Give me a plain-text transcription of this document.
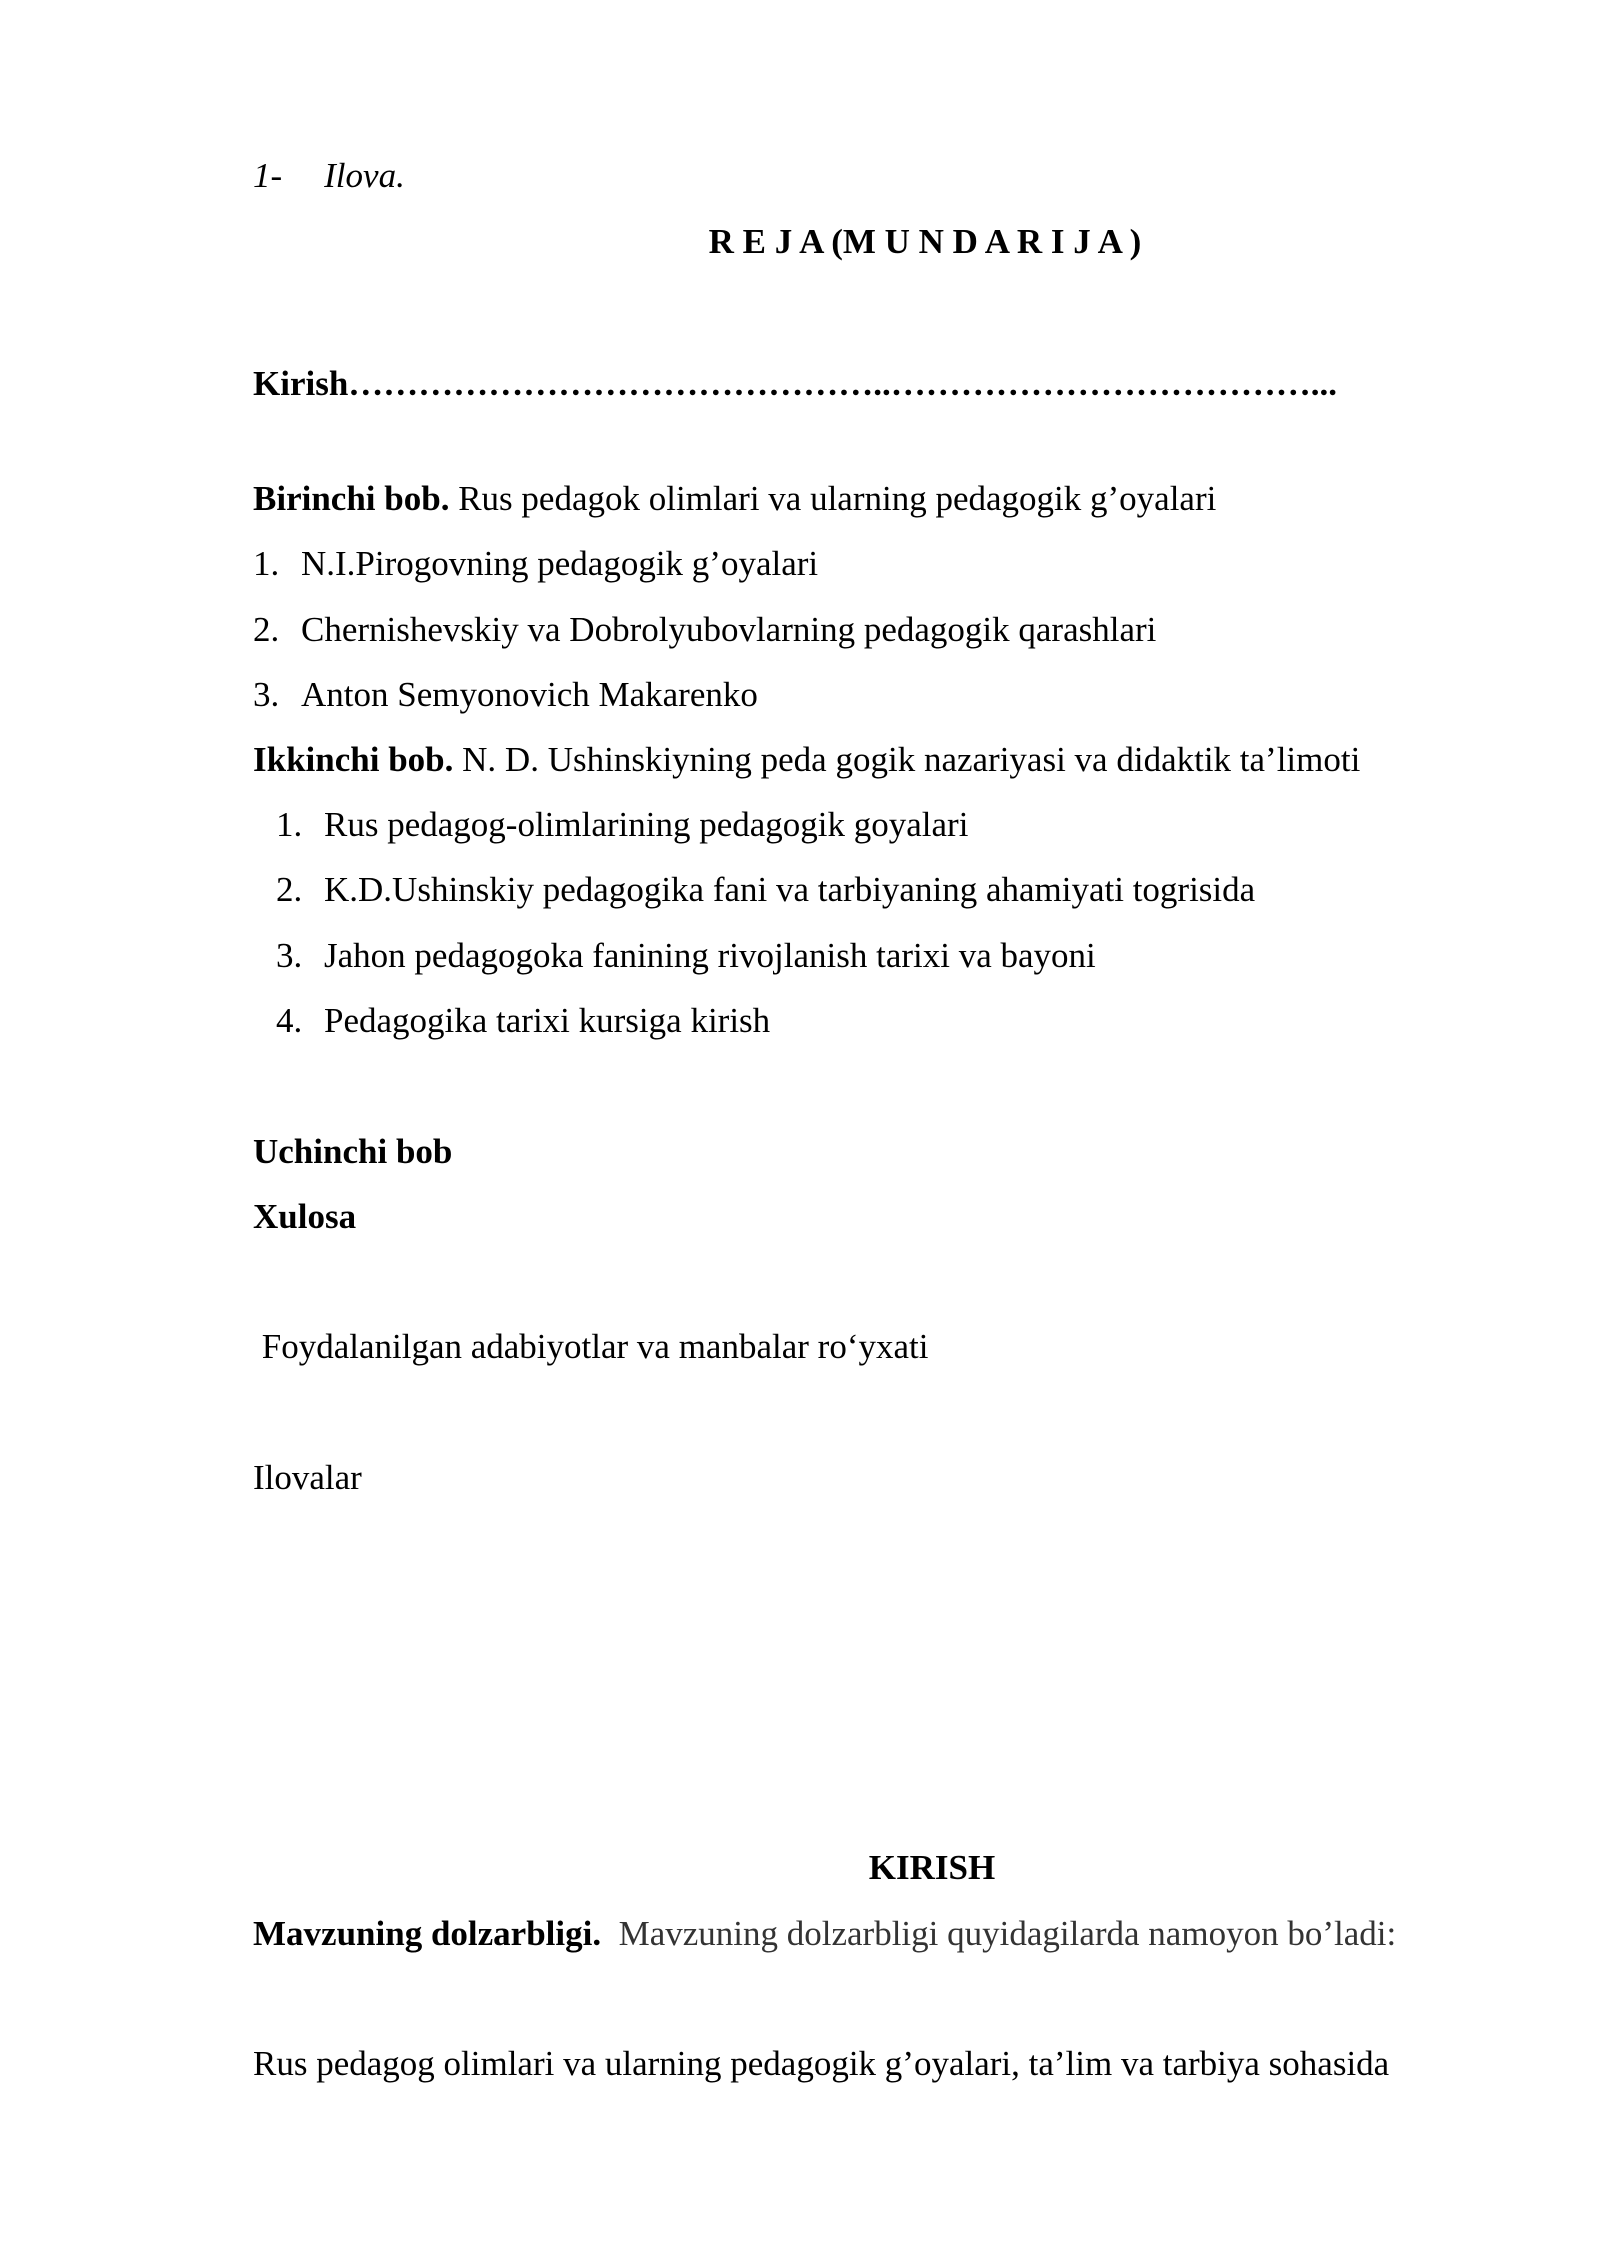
1- Ilova.
R E J A (M U N D A R I J A )
Kirish………………………………………..………………………………...
Birinchi bob. Rus pedagok olimlari va ularning pedagogik g’oyalari
1. N.I.Pirogovning pedagogik g’oyalari
2. Chernishevskiy va Dobrolyubovlarning pedagogik qarashlari
3. Anton Semyonovich Makarenko
Ikkinchi bob. N. D. Ushinskiyning peda gogik nazariyasi va didaktik ta’limoti
1. Rus pedagog-olimlarining pedagogik goyalari
2. K.D.Ushinskiy pedagogika fani va tarbiyaning ahamiyati togrisida
3. Jahon pedagogoka fanining rivojlanish tarixi va bayoni
4. Pedagogika tarixi kursiga kirish
Uchinchi bob
Xulosa
Foydalanilgan adabiyotlar va manbalar ro‘yxati
Ilovalar
KIRISH
Mavzuning dolzarbligi.  Mavzuning dolzarbligi quyidagilarda namoyon bo’ladi:
Rus pedagog olimlari va ularning pedagogik g’oyalari, ta’lim va tarbiya sohasida
